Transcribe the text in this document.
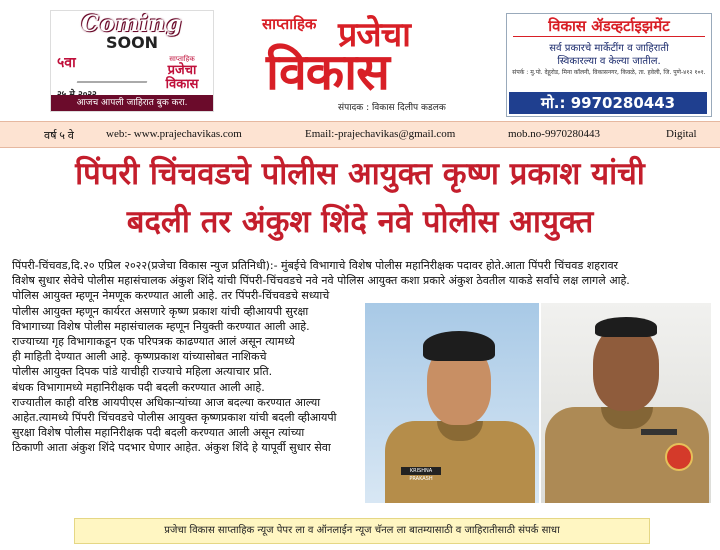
Coming
SOON
५वा	साप्ताहिक
प्रजेचा विकास
आजच आपली जाहिरात बुक करा.
साप्ताहिक प्रजेचा
विकास
संपादक : विकास दिलीप कडलक
विकास ॲडव्हर्टाइझमेंट
सर्व प्रकारचे मार्केटींग व जाहिराती
स्विकारल्या व केल्या जातील.
संपर्क : मु.पो. देहूरोड, मिना कॉलनी, विकासनगर, किवळे, ता. हवेली, जि. पुणे-४१२ १०१.
मो.: 9970280443
वर्ष ५ वे	web:- www.prajechavikas.com	Email:-prajechavikas@gmail.com	mob.no-9970280443	Digital
पिंपरी चिंचवडचे पोलीस आयुक्त कृष्ण प्रकाश यांची
बदली तर अंकुश शिंदे नवे पोलीस आयुक्त
पिंपरी-चिंचवड,दि.२० एप्रिल २०२२(प्रजेचा विकास न्युज प्रतिनिधी):- मुंबईचे विभागाचे विशेष पोलीस महानिरीक्षक पदावर होते.आता पिंपरी चिंचवड शहरावर
विशेष सुधार सेवेचे पोलीस महासंचालक अंकुश शिंदे यांची पिंपरी-चिंचवडचे नवे नवे पोलिस आयुक्त कशा प्रकारे अंकुश ठेवतील याकडे सर्वांचे लक्ष लागले आहे.
पोलिस आयुक्त म्हणून नेमणूक करण्यात आली आहे. तर पिंपरी-चिंचवडचे सध्याचे
पोलीस आयुक्त म्हणून कार्यरत असणारे कृष्ण प्रकाश यांची व्हीआयपी सुरक्षा
विभागाच्या विशेष पोलीस महासंचालक म्हणून नियुक्ती करण्यात आली आहे.
राज्याच्या गृह विभागाकडून एक परिपत्रक काढण्यात आलं असून त्यामध्ये
ही माहिती देण्यात आली आहे. कृष्णप्रकाश यांच्यासोबत नाशिकचे
पोलीस आयुक्त दिपक पांडे याचीही राज्याचे महिला अत्याचार प्रति.
बंधक विभागामध्ये महानिरीक्षक पदी बदली करण्यात आली आहे.
राज्यातील काही वरिष्ठ आयपीएस अधिकाऱ्यांच्या आज बदल्या करण्यात आल्या
आहेत.त्यामध्ये पिंपरी चिंचवडचे पोलीस आयुक्त कृष्णप्रकाश यांची बदली व्हीआयपी
सुरक्षा विशेष पोलीस महानिरीक्षक पदी बदली करण्यात आली असून त्यांच्या
ठिकाणी आता अंकुश शिंदे पदभार घेणार आहेत. अंकुश शिंदे हे यापूर्वी सुधार सेवा
KRISHNA PRAKASH
प्रजेचा विकास साप्ताहिक न्यूज पेपर ला व ऑनलाईन न्यूज चॅनल ला बातम्यासाठी व जाहिरातीसाठी संपर्क साधा
